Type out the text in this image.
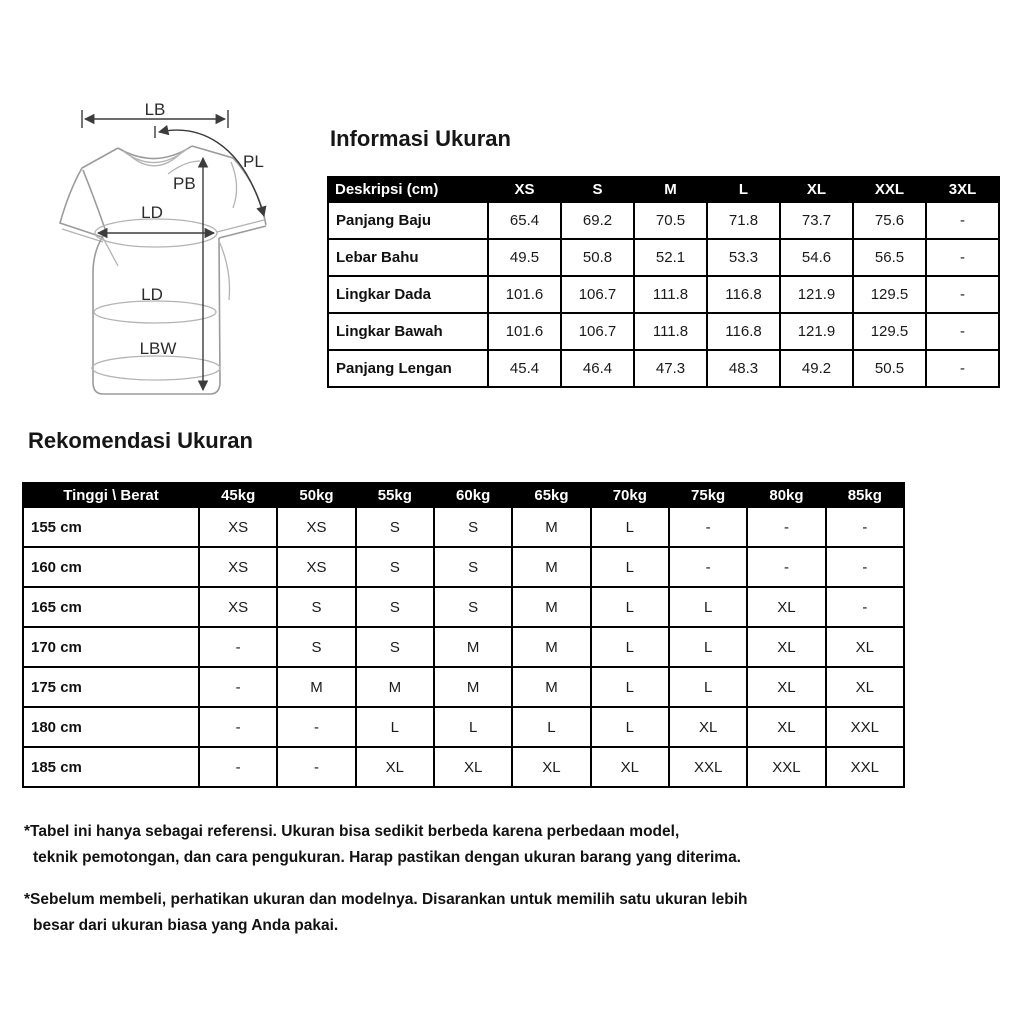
LB
PL
PB
LD
LD
LBW
Informasi Ukuran
Deskripsi (cm)	XS	S	M	L	XL	XXL	3XL
Panjang Baju	65.4	69.2	70.5	71.8	73.7	75.6	-
Lebar Bahu	49.5	50.8	52.1	53.3	54.6	56.5	-
Lingkar Dada	101.6	106.7	111.8	116.8	121.9	129.5	-
Lingkar Bawah	101.6	106.7	111.8	116.8	121.9	129.5	-
Panjang Lengan	45.4	46.4	47.3	48.3	49.2	50.5	-
Rekomendasi Ukuran
Tinggi \ Berat	45kg	50kg	55kg	60kg	65kg	70kg	75kg	80kg	85kg
155 cm	XS	XS	S	S	M	L	-	-	-
160 cm	XS	XS	S	S	M	L	-	-	-
165 cm	XS	S	S	S	M	L	L	XL	-
170 cm	-	S	S	M	M	L	L	XL	XL
175 cm	-	M	M	M	M	L	L	XL	XL
180 cm	-	-	L	L	L	L	XL	XL	XXL
185 cm	-	-	XL	XL	XL	XL	XXL	XXL	XXL
*Tabel ini hanya sebagai referensi. Ukuran bisa sedikit berbeda karena perbedaan model,
teknik pemotongan, dan cara pengukuran. Harap pastikan dengan ukuran barang yang diterima.
*Sebelum membeli, perhatikan ukuran dan modelnya. Disarankan untuk memilih satu ukuran lebih
besar dari ukuran biasa yang Anda pakai.
